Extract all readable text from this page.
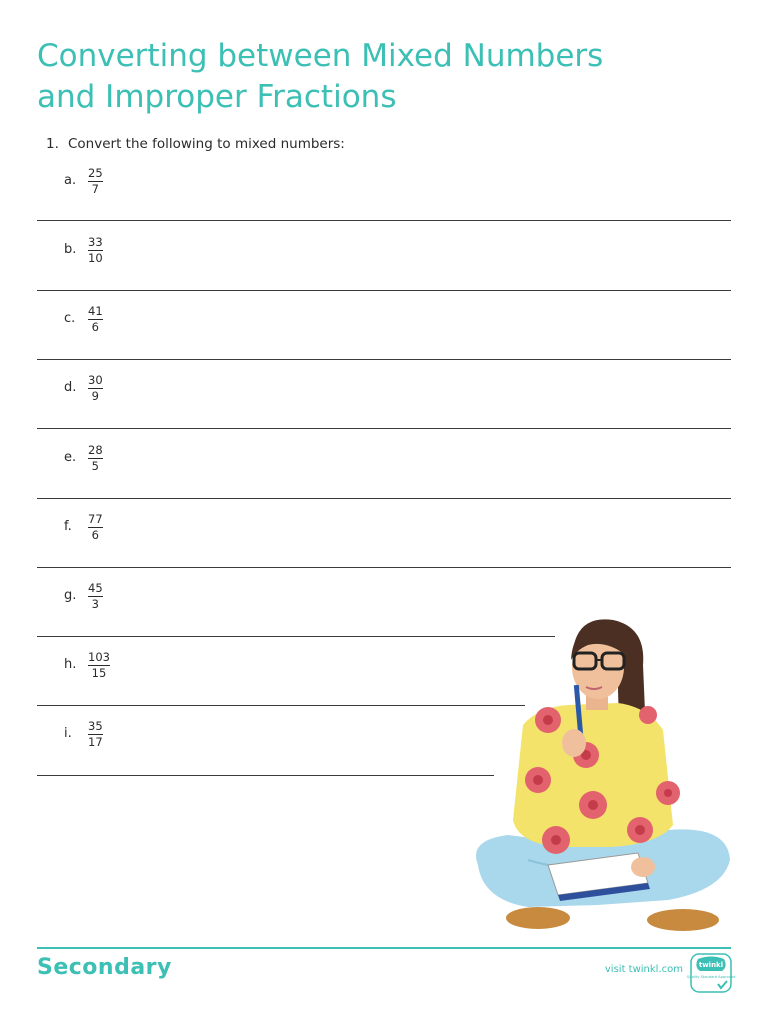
Converting between Mixed Numbers
and Improper Fractions
1. Convert the following to mixed numbers:
a. 25
7
b. 33
10
c. 41
6
d. 30
9
e. 28
5
f.	77
6
g. 45
3
h. 103
15
i.	35
17
Secondary	visit twinkl.com twinkl
Quality Standard Approved
